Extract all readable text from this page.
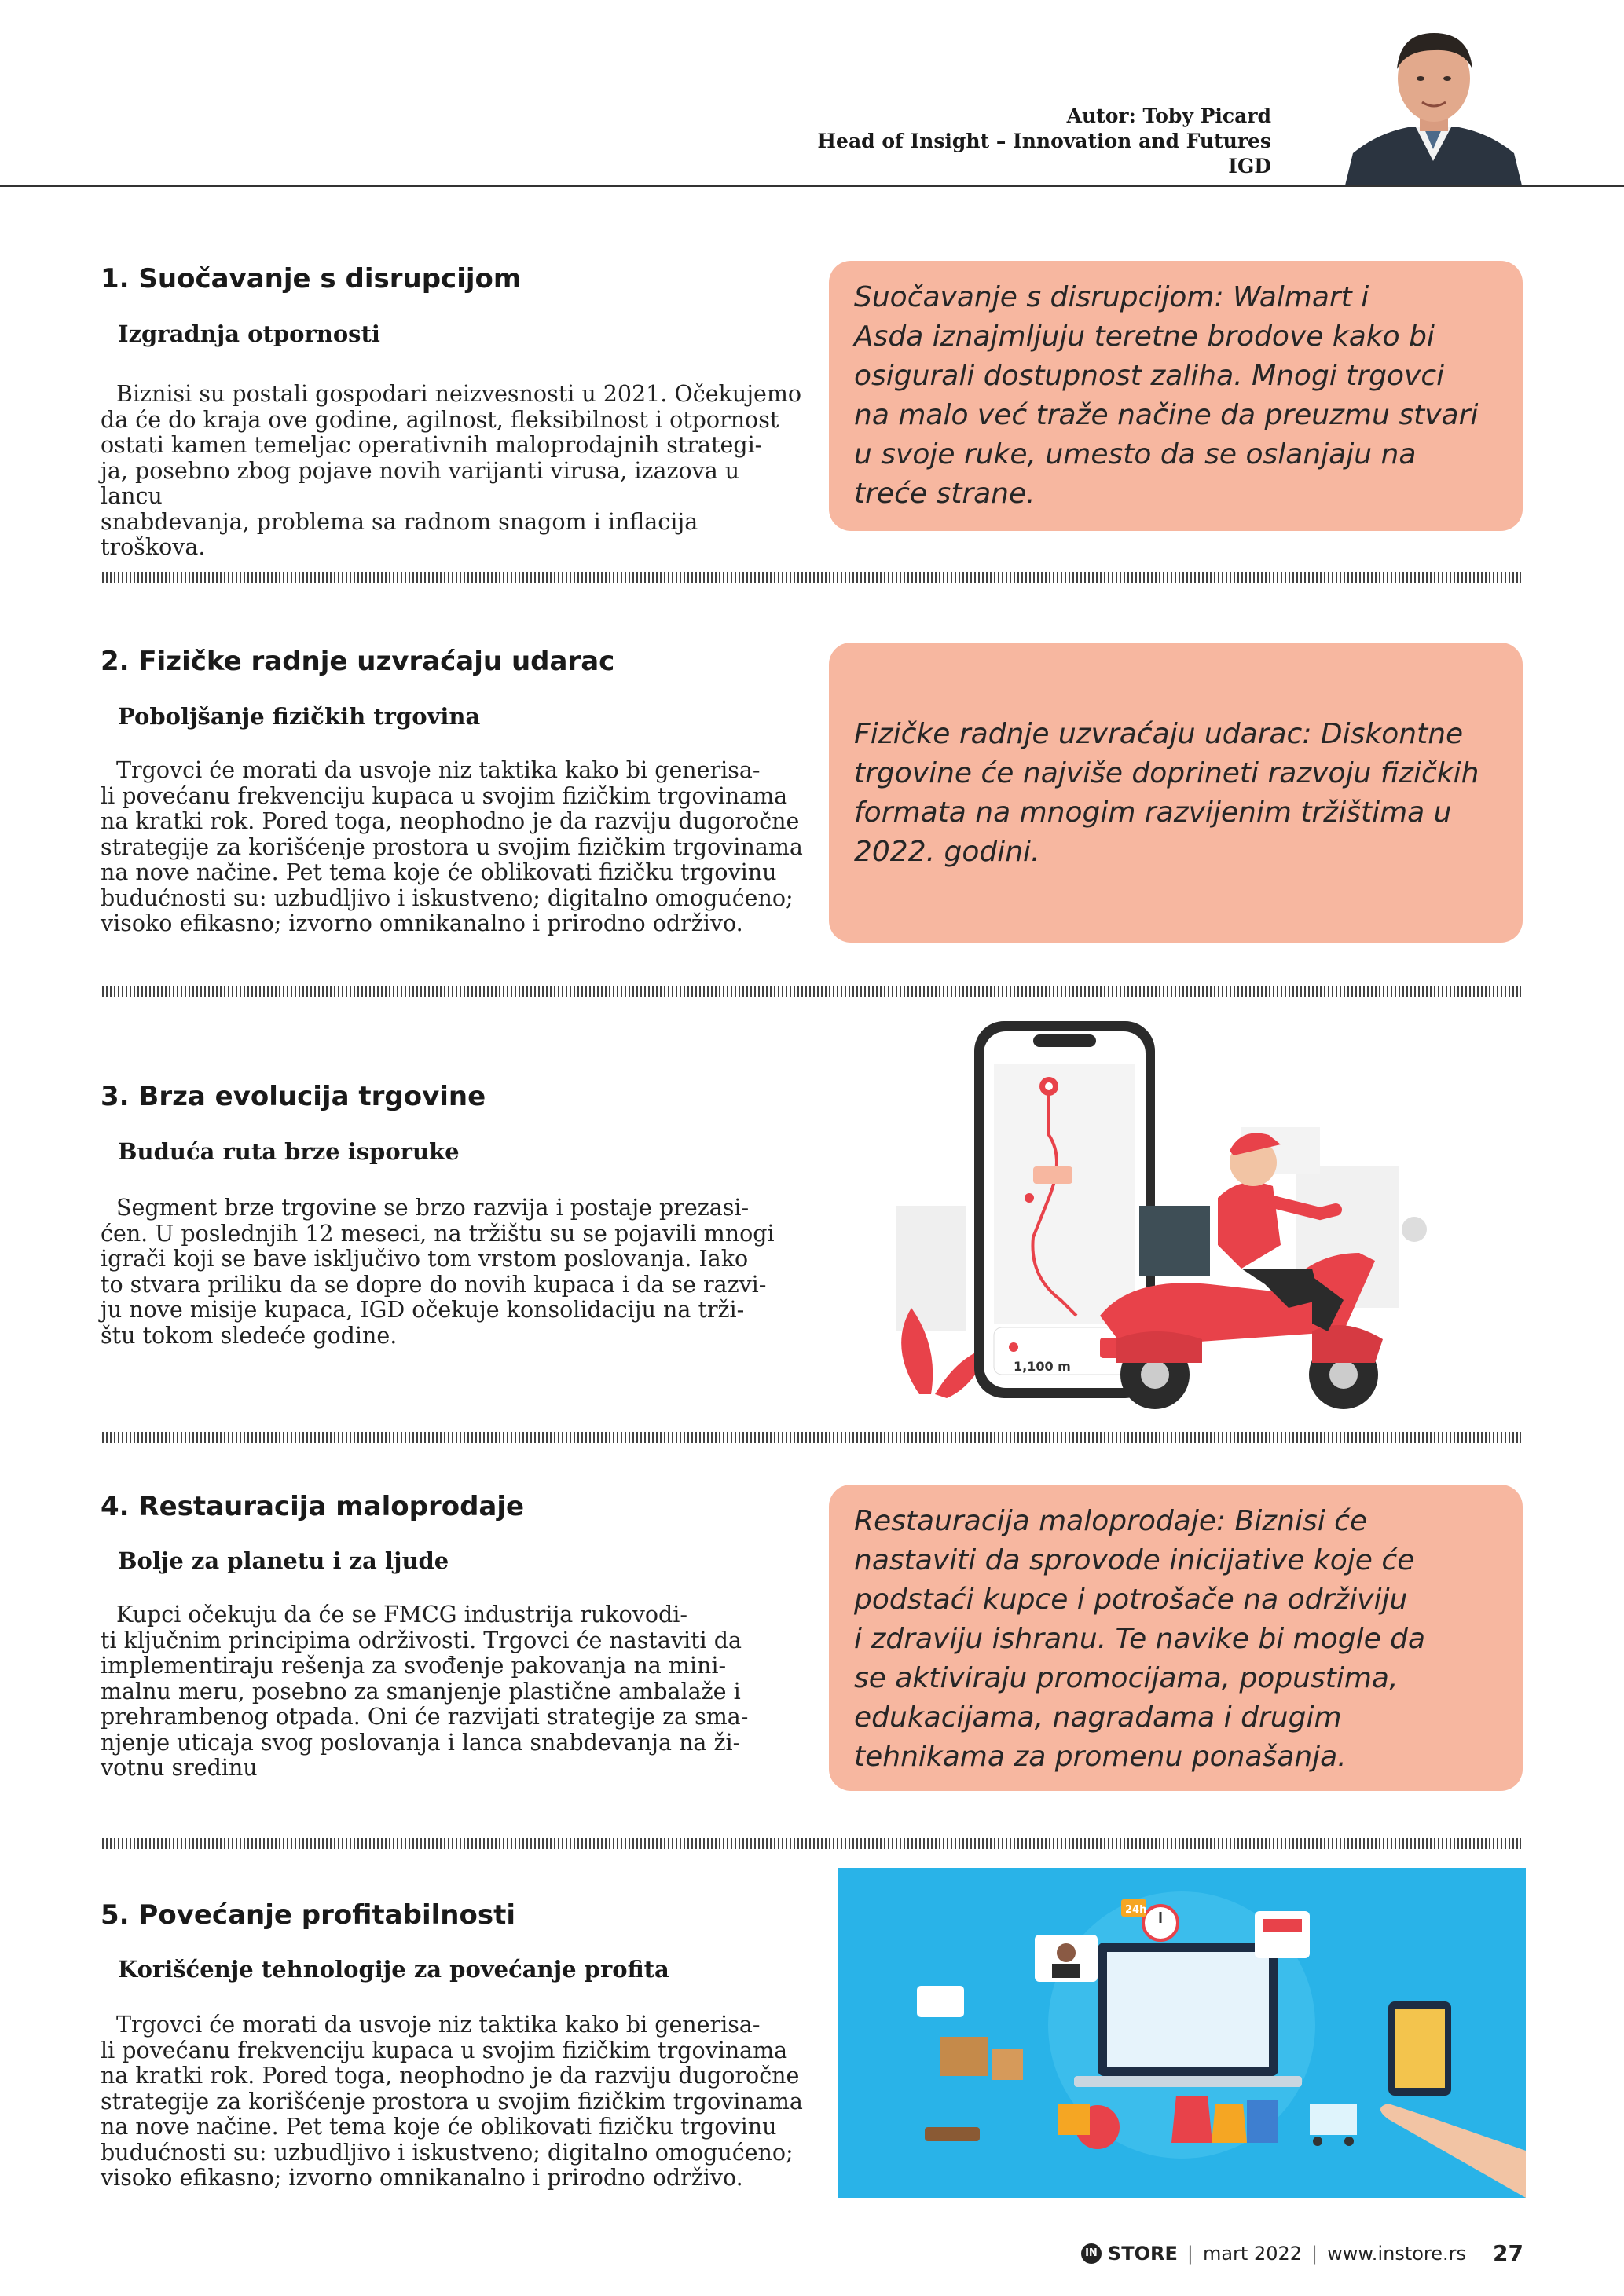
Autor: Toby Picard
Head of Insight – Innovation and Futures
IGD
1. Suočavanje s disrupcijom
Izgradnja otpornosti
Biznisi su postali gospodari neizvesnosti u 2021. Očekujemo
da će do kraja ove godine, agilnost, fleksibilnost i otpornost
ostati kamen temeljac operativnih maloprodajnih strategi-
ja, posebno zbog pojave novih varijanti virusa, izazova u lancu
snabdevanja, problema sa radnom snagom i inflacija troškova.
Suočavanje s disrupcijom: Walmart i
Asda iznajmljuju teretne brodove kako bi
osigurali dostupnost zaliha. Mnogi trgovci
na malo već traže načine da preuzmu stvari
u svoje ruke, umesto da se oslanjaju na
treće strane.
2. Fizičke radnje uzvraćaju udarac
Poboljšanje fizičkih trgovina
Trgovci će morati da usvoje niz taktika kako bi generisa-
li povećanu frekvenciju kupaca u svojim fizičkim trgovinama
na kratki rok. Pored toga, neophodno je da razviju dugoročne
strategije za korišćenje prostora u svojim fizičkim trgovinama
na nove načine. Pet tema koje će oblikovati fizičku trgovinu
budućnosti su: uzbudljivo i iskustveno; digitalno omogućeno;
visoko efikasno; izvorno omnikanalno i prirodno održivo.
Fizičke radnje uzvraćaju udarac: Diskontne
trgovine će najviše doprineti razvoju fizičkih
formata na mnogim razvijenim tržištima u
2022. godini.
3. Brza evolucija trgovine
Buduća ruta brze isporuke
Segment brze trgovine se brzo razvija i postaje prezasi-
ćen. U poslednjih 12 meseci, na tržištu su se pojavili mnogi
igrači koji se bave isključivo tom vrstom poslovanja. Iako
to stvara priliku da se dopre do novih kupaca i da se razvi-
ju nove misije kupaca, IGD očekuje konsolidaciju na trži-
štu tokom sledeće godine.
1,100 m
4. Restauracija maloprodaje
Bolje za planetu i za ljude
Kupci očekuju da će se FMCG industrija rukovodi-
ti ključnim principima održivosti. Trgovci će nastaviti da
implementiraju rešenja za svođenje pakovanja na mini-
malnu meru, posebno za smanjenje plastične ambalaže i
prehrambenog otpada. Oni će razvijati strategije za sma-
njenje uticaja svog poslovanja i lanca snabdevanja na ži-
votnu sredinu
Restauracija maloprodaje: Biznisi će
nastaviti da sprovode inicijative koje će
podstaći kupce i potrošače na održiviju
i zdraviju ishranu. Te navike bi mogle da
se aktiviraju promocijama, popustima,
edukacijama, nagradama i drugim
tehnikama za promenu ponašanja.
5. Povećanje profitabilnosti
Korišćenje tehnologije za povećanje profita
Trgovci će morati da usvoje niz taktika kako bi generisa-
li povećanu frekvenciju kupaca u svojim fizičkim trgovinama
na kratki rok. Pored toga, neophodno je da razviju dugoročne
strategije za korišćenje prostora u svojim fizičkim trgovinama
na nove načine. Pet tema koje će oblikovati fizičku trgovinu
budućnosti su: uzbudljivo i iskustveno; digitalno omogućeno;
visoko efikasno; izvorno omnikanalno i prirodno održivo.
24h
IN STORE | mart 2022 | www.instore.rs 27
